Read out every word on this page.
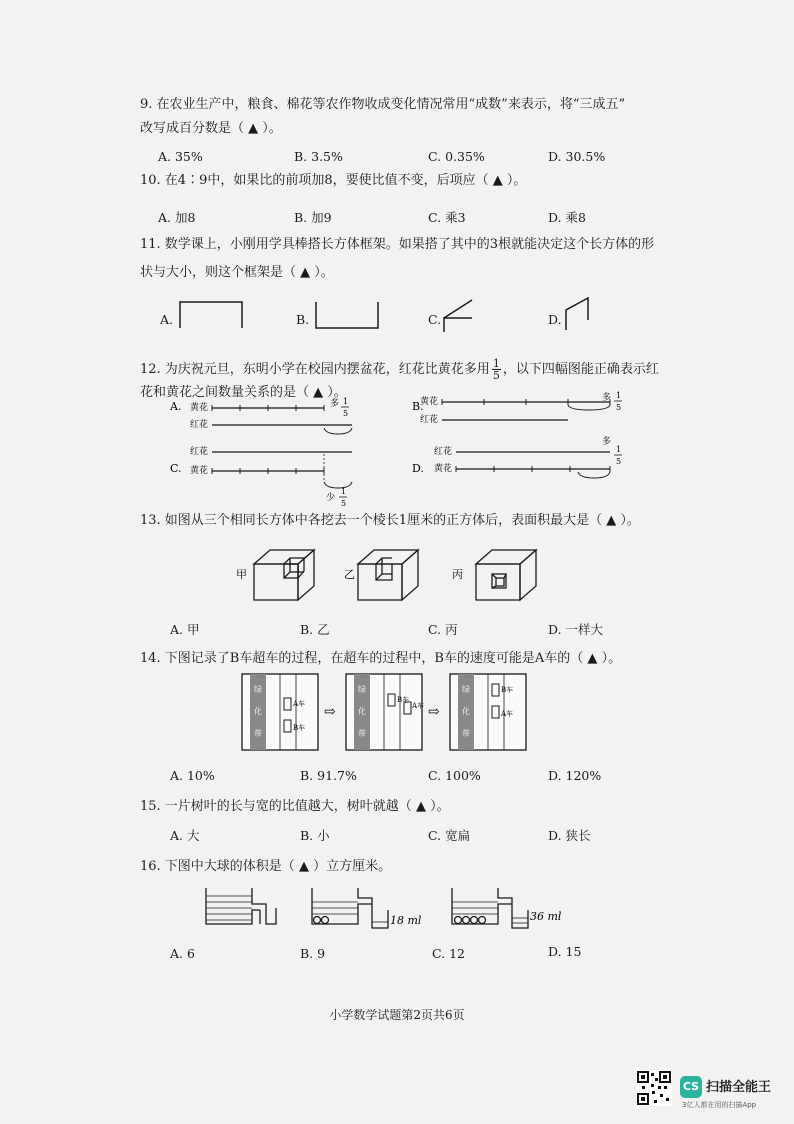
9. 在农业生产中，粮食、棉花等农作物收成变化情况常用“成数”来表示，将“三成五”
改写成百分数是（ ▲ ）。
A. 35%	B. 3.5%	C. 0.35%	D. 30.5%
10. 在4∶9中，如果比的前项加8，要使比值不变，后项应（ ▲ ）。
A. 加8	B. 加9	C. 乘3	D. 乘8
11. 数学课上，小刚用学具棒搭长方体框架。如果搭了其中的3根就能决定这个长方体的形
状与大小，则这个框架是（ ▲ ）。
A.	B.	C.	D.
12. 为庆祝元旦，东明小学在校园内摆盆花，红花比黄花多用 $\frac{1}{5}$ ，以下四幅图能正确表示红
花和黄花之间数量关系的是（ ▲ ）。
A. 黄花
红花
多 1
5
B.
黄花
红花
多 1
5
C.
红花
黄花
少
1
5
D.
红花
黄花
多
1
5
13. 如图从三个相同长方体中各挖去一个棱长1厘米的正方体后，表面积最大是（ ▲ ）。
甲	乙	丙
A. 甲	B. 乙	C. 丙	D. 一样大
14. 下图记录了B车超车的过程，在超车的过程中，B车的速度可能是A车的（ ▲ ）。
绿
化
带
A车
B车
⇨
绿
化
带
A车
B车
⇨
绿
化
带
B车
A车
A. 10%	B. 91.7%	C. 100%	D. 120%
15. 一片树叶的长与宽的比值越大，树叶就越（ ▲ ）。
A. 大	B. 小	C. 宽扁	D. 狭长
16. 下图中大球的体积是（ ▲ ）立方厘米。
18 ml	36 ml
A. 6	B. 9	C. 12	D. 15
小学数学试题第2页共6页
CS 扫描全能王
3亿人都在用的扫描App
